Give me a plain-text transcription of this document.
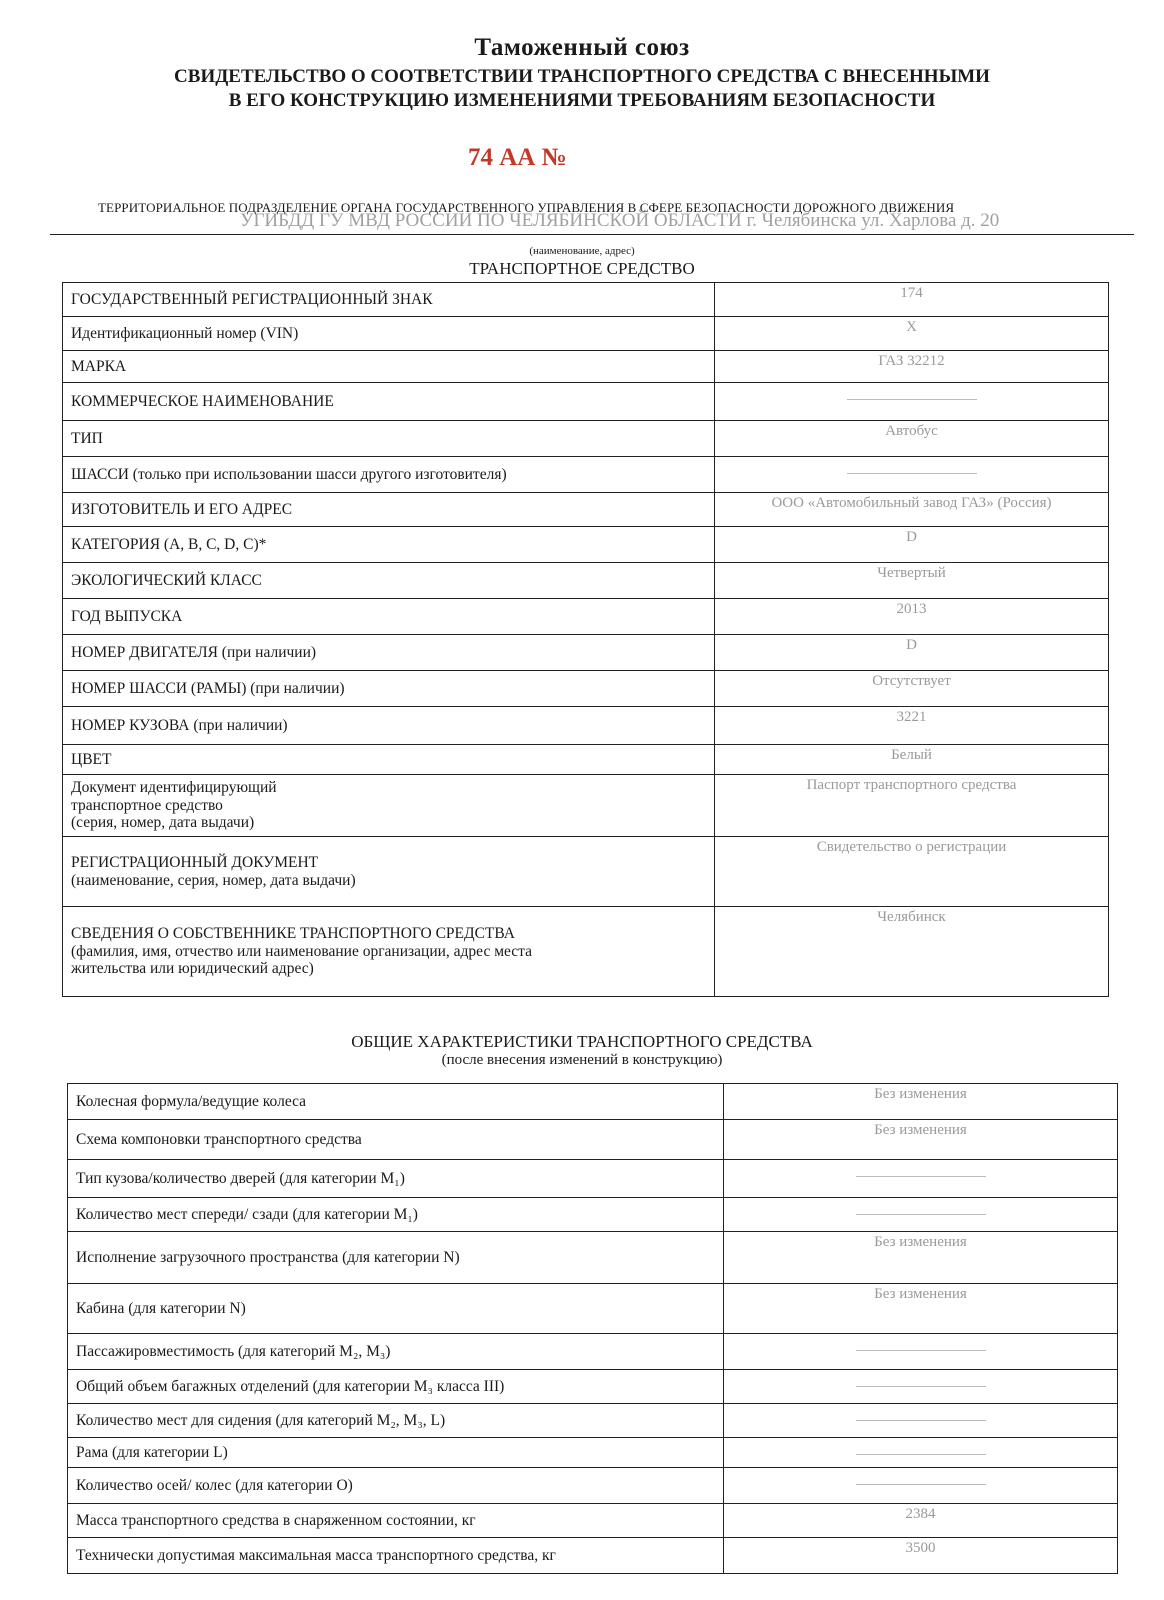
Таможенный союз
СВИДЕТЕЛЬСТВО О СООТВЕТСТВИИ ТРАНСПОРТНОГО СРЕДСТВА С ВНЕСЕННЫМИ
В ЕГО КОНСТРУКЦИЮ ИЗМЕНЕНИЯМИ ТРЕБОВАНИЯМ БЕЗОПАСНОСТИ
74 АА №
УГИБДД ГУ МВД РОССИИ ПО ЧЕЛЯБИНСКОЙ ОБЛАСТИ г. Челябинска ул. Харлова д. 20
ТЕРРИТОРИАЛЬНОЕ ПОДРАЗДЕЛЕНИЕ ОРГАНА ГОСУДАРСТВЕННОГО УПРАВЛЕНИЯ В СФЕРЕ БЕЗОПАСНОСТИ ДОРОЖНОГО ДВИЖЕНИЯ
(наименование, адрес)
ТРАНСПОРТНОЕ СРЕДСТВО
ГОСУДАРСТВЕННЫЙ РЕГИСТРАЦИОННЫЙ ЗНАК	174
Идентификационный номер (VIN)	X
МАРКА	ГАЗ 32212
КОММЕРЧЕСКОЕ НАИМЕНОВАНИЕ	
ТИП	Автобус
ШАССИ (только при использовании шасси другого изготовителя)	
ИЗГОТОВИТЕЛЬ И ЕГО АДРЕС	ООО «Автомобильный завод ГАЗ» (Россия)
КАТЕГОРИЯ (A, B, C, D, C)*	D
ЭКОЛОГИЧЕСКИЙ КЛАСС	Четвертый
ГОД ВЫПУСКА	2013
НОМЕР ДВИГАТЕЛЯ (при наличии)	D
НОМЕР ШАССИ (РАМЫ) (при наличии)	Отсутствует
НОМЕР КУЗОВА (при наличии)	3221
ЦВЕТ	Белый
Документ идентифицирующий
транспортное средство
(серия, номер, дата выдачи)	Паспорт транспортного средства
РЕГИСТРАЦИОННЫЙ ДОКУМЕНТ
(наименование, серия, номер, дата выдачи)	Свидетельство о регистрации
СВЕДЕНИЯ О СОБСТВЕННИКЕ ТРАНСПОРТНОГО СРЕДСТВА
(фамилия, имя, отчество или наименование организации, адрес места
жительства или юридический адрес)	Челябинск
ОБЩИЕ ХАРАКТЕРИСТИКИ ТРАНСПОРТНОГО СРЕДСТВА
(после внесения изменений в конструкцию)
Колесная формула/ведущие колеса	Без изменения
Схема компоновки транспортного средства	Без изменения
Тип кузова/количество дверей (для категории M₁)	
Количество мест спереди/ сзади (для категории M₁)	
Исполнение загрузочного пространства (для категории N)	Без изменения
Кабина (для категории N)	Без изменения
Пассажировместимость (для категорий M₂, M₃)	
Общий объем багажных отделений (для категории M₃ класса III)	
Количество мест для сидения (для категорий M₂, M₃, L)	
Рама (для категории L)	
Количество осей/ колес (для категории O)	
Масса транспортного средства в снаряженном состоянии, кг	2384
Технически допустимая максимальная масса транспортного средства, кг	3500
